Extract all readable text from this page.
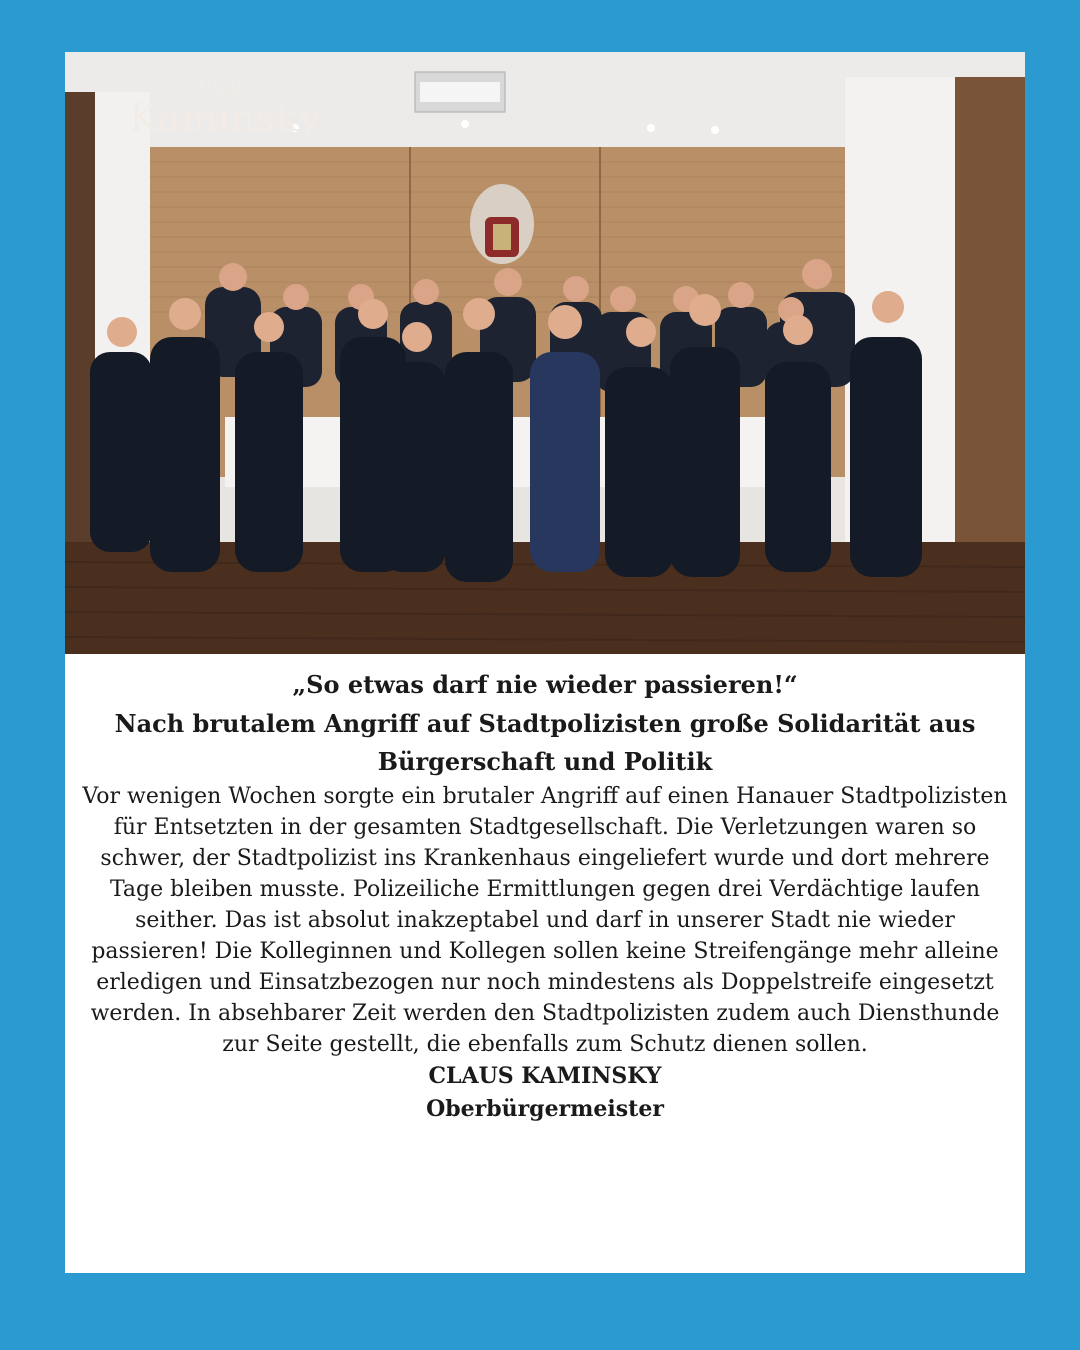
Claus
Kaminsky

„So etwas darf nie wieder passieren!“

Nach brutalem Angriff auf Stadtpolizisten große Solidarität aus Bürgerschaft und Politik

Vor wenigen Wochen sorgte ein brutaler Angriff auf einen Hanauer Stadtpolizisten für Entsetzten in der gesamten Stadtgesellschaft. Die Verletzungen waren so schwer, der Stadtpolizist ins Krankenhaus eingeliefert wurde und dort mehrere Tage bleiben musste. Polizeiliche Ermittlungen gegen drei Verdächtige laufen seither. Das ist absolut inakzeptabel und darf in unserer Stadt nie wieder passieren! Die Kolleginnen und Kollegen sollen keine Streifengänge mehr alleine erledigen und Einsatzbezogen nur noch mindestens als Doppelstreife eingesetzt werden. In absehbarer Zeit werden den Stadtpolizisten zudem auch Diensthunde zur Seite gestellt, die ebenfalls zum Schutz dienen sollen.

CLAUS KAMINSKY

Oberbürgermeister
